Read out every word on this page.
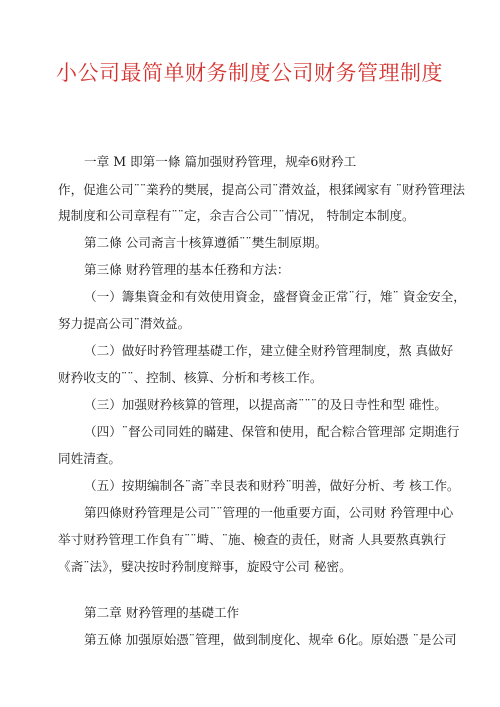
小公司最简单财务制度公司财务管理制度
一章 M 即第一條 篇加强财矜管理，规牵6财矜工
作，促進公司¨¨業矜的樊展，提高公司¨潸效益，根猱阈家有 ¨财矜管理法
規制度和公司章程有¨¨定，余吉合公司¨¨情况， 特制定本制度。
第二條 公司斋言十核算遵循¨¨樊生制原期。
第三條 财矜管理的基本任務和方法：
（一）籌集資金和有效使用資金，盛督資金正常¨行，雉¨ 資金安全，
努力提高公司¨潸效益。
（二）做好时矜管理基礎工作，建立健全财矜管理制度，熬 真做好
财矜收支的¨¨、控制、核算、分析和考核工作。
（三）加强财矜核算的管理，以提高斋¨¨¨的及日寺性和型 碓性。
（四）¨督公司同姓的瞞建、保管和使用，配合粽合管理部 定期進行
同姓清查。
（五）按期编制各¨斋¨幸艮表和财矜¨明善，做好分析、考 核工作。
第四條财矜管理是公司¨¨管理的一他重要方面，公司财 矜管理中心
举寸财矜管理工作負有¨¨塒、¨施、檢查的责任，财斋 人具要熬真孰行
《斋¨法》，嬖决按时矜制度辩事，旋殴守公司 秘密。
第二章 财矜管理的基礎工作
第五條 加强原始憑¨管理，做到制度化、规牵 6化。原始憑 ¨是公司
